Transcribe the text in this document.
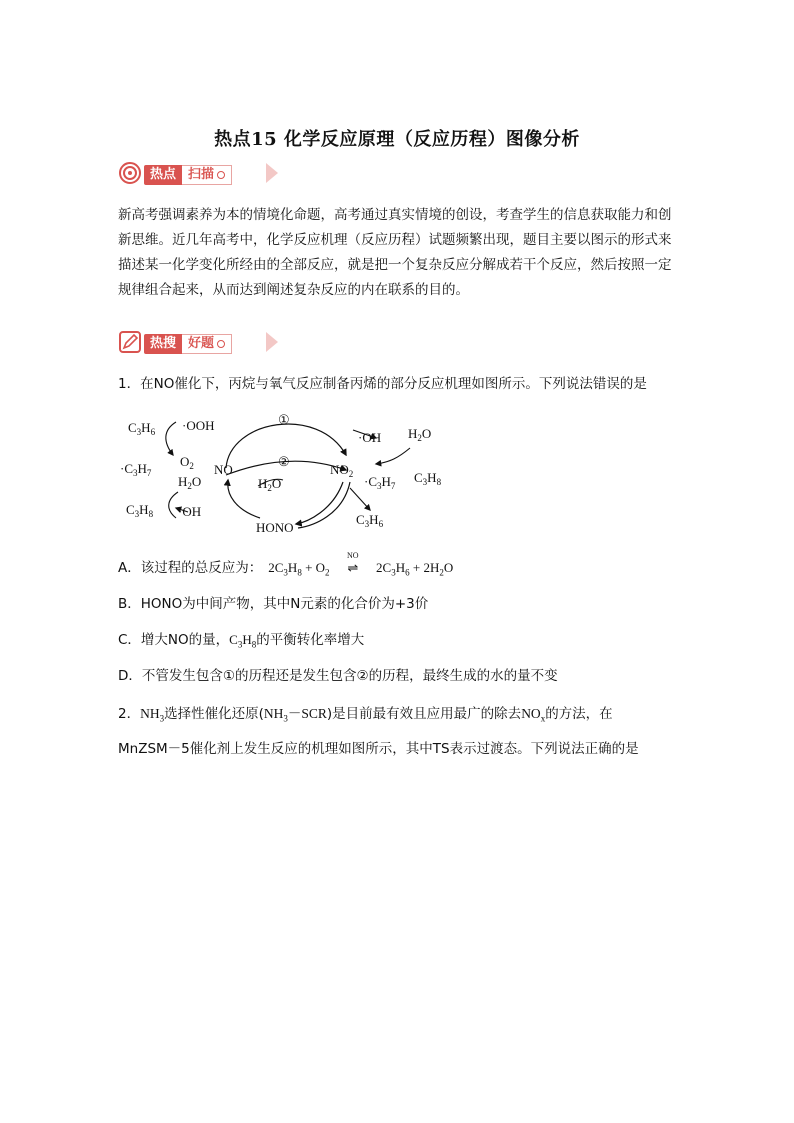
热点15 化学反应原理（反应历程）图像分析
热点 扫描
新高考强调素养为本的情境化命题，高考通过真实情境的创设，考查学生的信息获取能力和创新思维。近几年高考中，化学反应机理（反应历程）试题频繁出现，题目主要以图示的形式来描述某一化学变化所经由的全部反应，就是把一个复杂反应分解成若干个反应，然后按照一定规律组合起来，从而达到阐述复杂反应的内在联系的目的。
热搜 好题
1．在NO催化下，丙烷与氧气反应制备丙烯的部分反应机理如图所示。下列说法错误的是
$C_3H_6 \cdot OOH$	①
·OH $H_2O$
$\cdot C_3H_7$
$O_2$ NO
②
$NO_2 \cdot C_3H_7$
$C_3H_8$
$H_2O$	$H_2O$
$C_3H_8 \cdot OH$
HONO
$C_3H_6$
A．该过程的总反应为： $2C_3H_8 + O_2$
NO
⇌ $2C_3H_6 + 2H_2O$
B．HONO为中间产物，其中N元素的化合价为+3价
C．增大NO的量，$C_3H_8$的平衡转化率增大
D．不管发生包含①的历程还是发生包含②的历程，最终生成的水的量不变
2．$NH_3$选择性催化还原$(NH_3-SCR)$是目前最有效且应用最广的除去$NO_x$的方法，在
MnZSM－5催化剂上发生反应的机理如图所示，其中TS表示过渡态。下列说法正确的是
